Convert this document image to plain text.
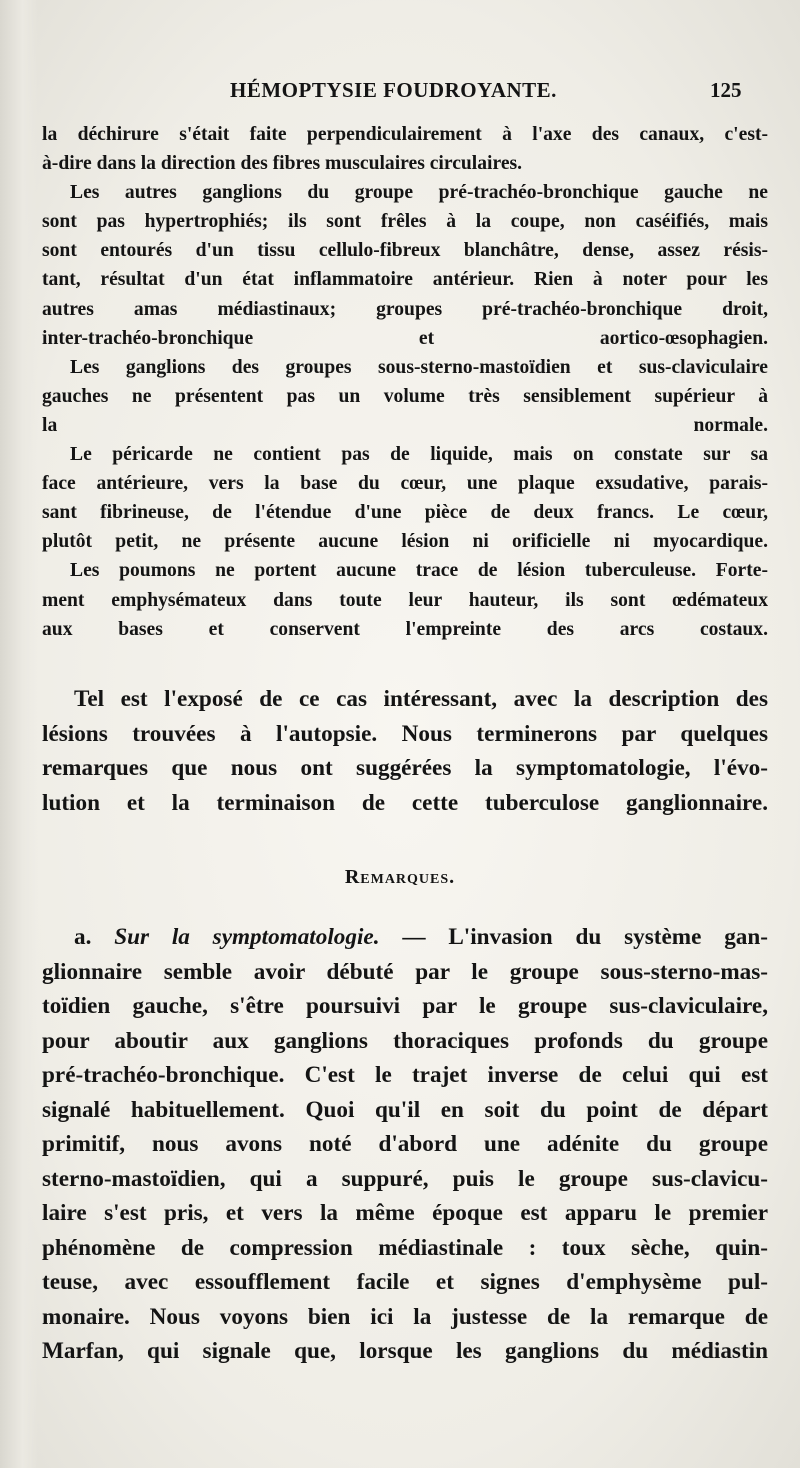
HÉMOPTYSIE FOUDROYANTE.	125

la déchirure s'était faite perpendiculairement à l'axe des canaux, c'est-
à-dire dans la direction des fibres musculaires circulaires.

Les autres ganglions du groupe pré-trachéo-bronchique gauche ne
sont pas hypertrophiés; ils sont frêles à la coupe, non caséifiés, mais
sont entourés d'un tissu cellulo-fibreux blanchâtre, dense, assez résis-
tant, résultat d'un état inflammatoire antérieur. Rien à noter pour les
autres amas médiastinaux; groupes pré-trachéo-bronchique droit,
inter-trachéo-bronchique et aortico-œsophagien.

Les ganglions des groupes sous-sterno-mastoïdien et sus-claviculaire
gauches ne présentent pas un volume très sensiblement supérieur à
la normale.

Le péricarde ne contient pas de liquide, mais on constate sur sa
face antérieure, vers la base du cœur, une plaque exsudative, parais-
sant fibrineuse, de l'étendue d'une pièce de deux francs. Le cœur,
plutôt petit, ne présente aucune lésion ni orificielle ni myocardique.

Les poumons ne portent aucune trace de lésion tuberculeuse. Forte-
ment emphysémateux dans toute leur hauteur, ils sont œdémateux
aux bases et conservent l'empreinte des arcs costaux.

Tel est l'exposé de ce cas intéressant, avec la description des
lésions trouvées à l'autopsie. Nous terminerons par quelques
remarques que nous ont suggérées la symptomatologie, l'évo-
lution et la terminaison de cette tuberculose ganglionnaire.

Remarques.

a. Sur la symptomatologie. — L'invasion du système gan-
glionnaire semble avoir débuté par le groupe sous-sterno-mas-
toïdien gauche, s'être poursuivi par le groupe sus-claviculaire,
pour aboutir aux ganglions thoraciques profonds du groupe
pré-trachéo-bronchique. C'est le trajet inverse de celui qui est
signalé habituellement. Quoi qu'il en soit du point de départ
primitif, nous avons noté d'abord une adénite du groupe
sterno-mastoïdien, qui a suppuré, puis le groupe sus-clavicu-
laire s'est pris, et vers la même époque est apparu le premier
phénomène de compression médiastinale : toux sèche, quin-
teuse, avec essoufflement facile et signes d'emphysème pul-
monaire. Nous voyons bien ici la justesse de la remarque de
Marfan, qui signale que, lorsque les ganglions du médiastin
